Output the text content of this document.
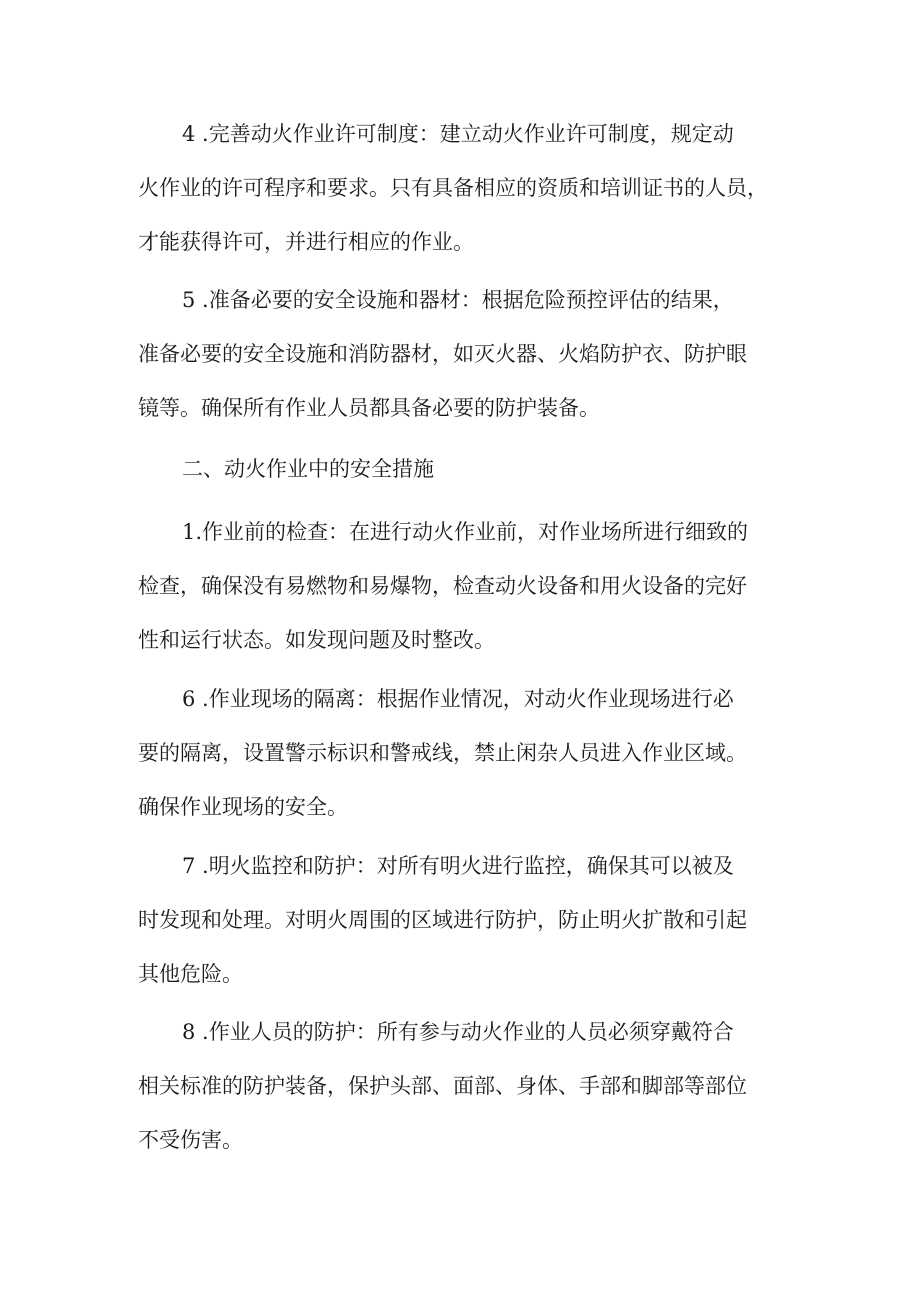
4 .完善动火作业许可制度：建立动火作业许可制度，规定动
火作业的许可程序和要求。只有具备相应的资质和培训证书的人员，
才能获得许可，并进行相应的作业。

5 .准备必要的安全设施和器材：根据危险预控评估的结果，
准备必要的安全设施和消防器材，如灭火器、火焰防护衣、防护眼
镜等。确保所有作业人员都具备必要的防护装备。

二、动火作业中的安全措施

1.作业前的检查：在进行动火作业前，对作业场所进行细致的
检查，确保没有易燃物和易爆物，检查动火设备和用火设备的完好
性和运行状态。如发现问题及时整改。

6 .作业现场的隔离：根据作业情况，对动火作业现场进行必
要的隔离，设置警示标识和警戒线，禁止闲杂人员进入作业区域。
确保作业现场的安全。

7 .明火监控和防护：对所有明火进行监控，确保其可以被及
时发现和处理。对明火周围的区域进行防护，防止明火扩散和引起
其他危险。

8 .作业人员的防护：所有参与动火作业的人员必须穿戴符合
相关标准的防护装备，保护头部、面部、身体、手部和脚部等部位
不受伤害。
